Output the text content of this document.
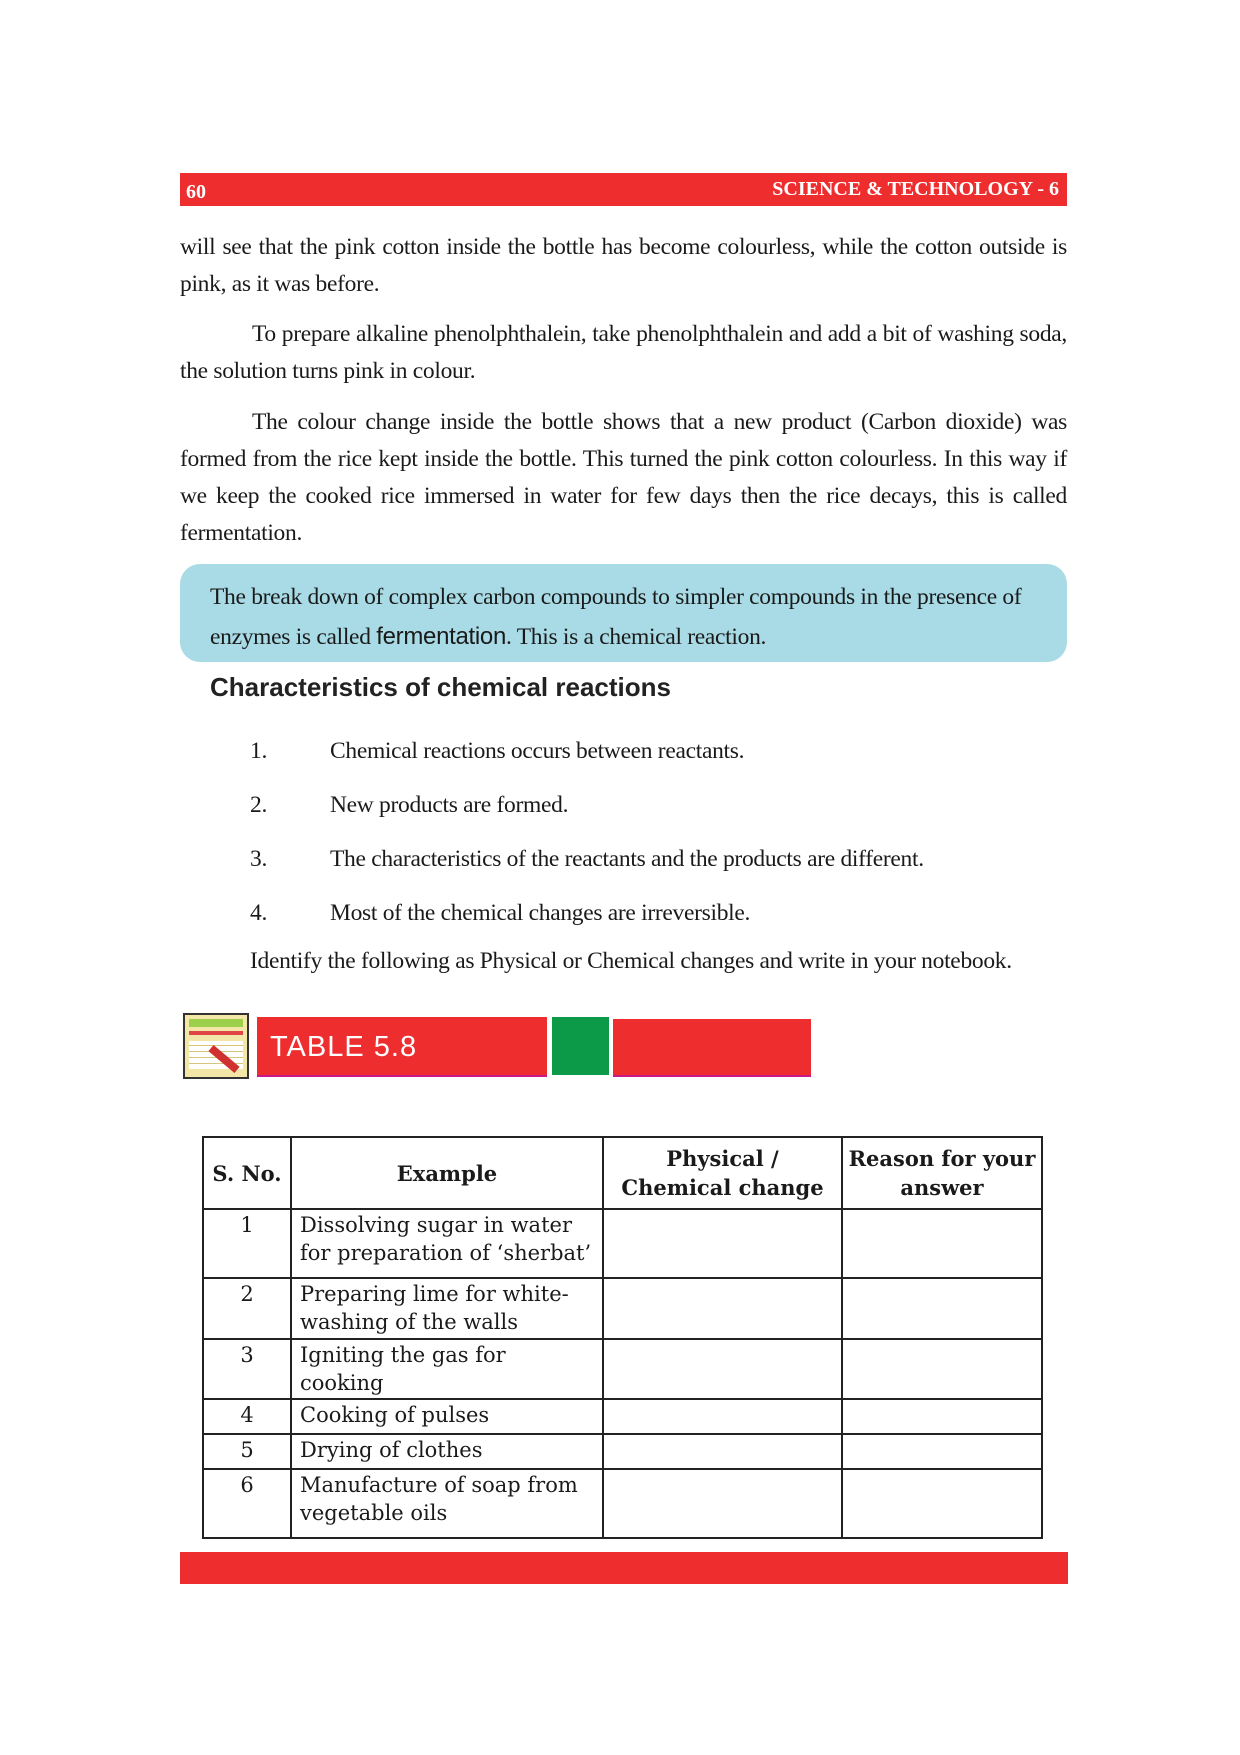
60	SCIENCE & TECHNOLOGY - 6

will see that the pink cotton inside the bottle has become colourless, while the cotton outside is pink, as it was before.

To prepare alkaline phenolphthalein, take phenolphthalein and add a bit of washing soda, the solution turns pink in colour.

The colour change inside the bottle shows that a new product (Carbon dioxide) was formed from the rice kept inside the bottle. This turned the pink cotton colourless. In this way if we keep the cooked rice immersed in water for few days then the rice decays, this is called fermentation.

The break down of complex carbon compounds to simpler compounds in the presence of enzymes is called fermentation. This is a chemical reaction.
Characteristics of chemical reactions
1.	Chemical reactions occurs between reactants.
2.	New products are formed.
3.	The characteristics of the reactants and the products are different.
4.	Most of the chemical changes are irreversible.

Identify the following as Physical or Chemical changes and write in your notebook.

TABLE 5.8
S. No.	Example	Physical / Chemical change	Reason for your answer
1	Dissolving sugar in water for preparation of ‘sherbat’		
2	Preparing lime for white-washing of the walls		
3	Igniting the gas for cooking		
4	Cooking of pulses		
5	Drying of clothes		
6	Manufacture of soap from vegetable oils		
